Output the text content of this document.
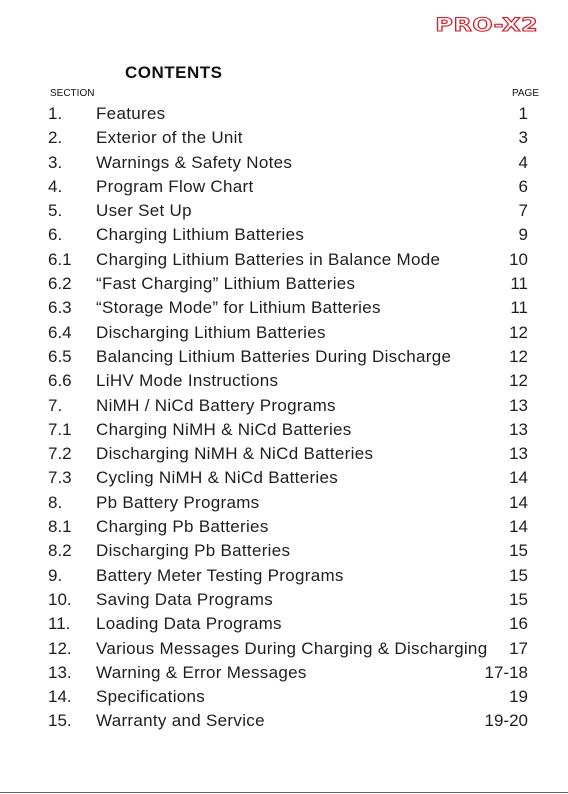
PRO-X2
CONTENTS
SECTION	PAGE
1. Features	1
2. Exterior of the Unit	3
3. Warnings & Safety Notes	4
4. Program Flow Chart	6
5. User Set Up	7
6. Charging Lithium Batteries	9
6.1 Charging Lithium Batteries in Balance Mode	10
6.2 “Fast Charging” Lithium Batteries	11
6.3 “Storage Mode” for Lithium Batteries	11
6.4 Discharging Lithium Batteries	12
6.5 Balancing Lithium Batteries During Discharge	12
6.6 LiHV Mode Instructions	12
7. NiMH / NiCd Battery Programs	13
7.1 Charging NiMH & NiCd Batteries	13
7.2 Discharging NiMH & NiCd Batteries	13
7.3 Cycling NiMH & NiCd Batteries	14
8. Pb Battery Programs	14
8.1 Charging Pb Batteries	14
8.2 Discharging Pb Batteries	15
9. Battery Meter Testing Programs	15
10. Saving Data Programs	15
11. Loading Data Programs	16
12. Various Messages During Charging & Discharging 17
13. Warning & Error Messages	17-18
14. Specifications	19
15. Warranty and Service	19-20
